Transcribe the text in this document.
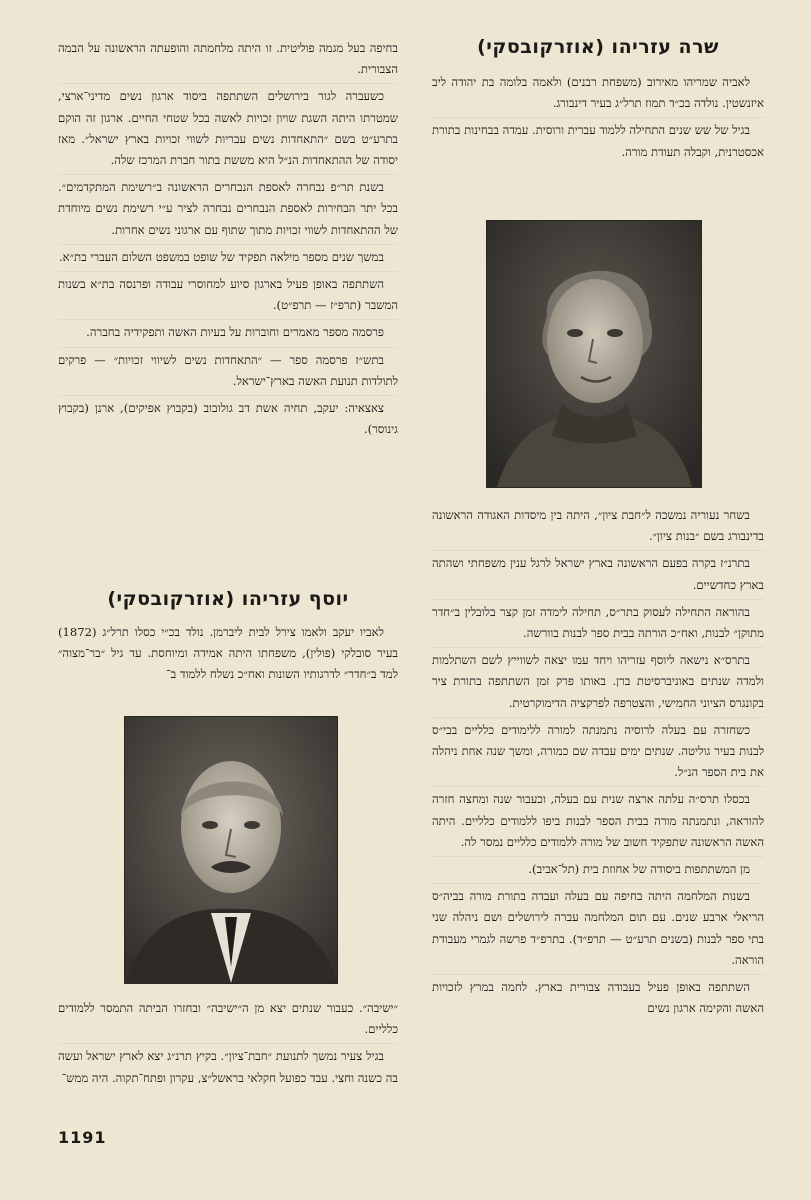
שרה עזריהו (אוזרקובסקי)

לאביה שמריהו מאירוב (משפחת רבנים) ולאמה בלומה בת יהודה ליב איזנשטין. נולדה בכ״ד תמוז תרל״ג בעיר דינבורג.

בגיל של שש שנים התחילה ללמוד עברית ורוסית. עמדה בבחינות בתורת אכסטרנית, וקבלה תעודת מורה.

בשחר נעוריה נמשכה ל״חבת ציון״, היתה בין מיסדות האגודה הראשונה בדינבורג בשם ״בנות ציון״.

בתרנ״ז בקרה בפעם הראשונה בארץ ישראל לרגל ענין משפחתי ושהתה בארץ כחדשיים.

בהוראה התחילה לעסוק בתר״ס, תחילה לימדה זמן קצר בלובלין ב״חדר מתוקן״ לבנות, ואח״כ הורתה בבית ספר לבנות בוורשה.

בתרס״א נישאה ליוסף עזריהו ויחד עמו יצאה לשווייץ לשם השתלמות ולמדה שנתים באוניברסיטת ברן. באותו פרק זמן השתתפה בתורת ציר בקונגרס הציוני החמישי, והצטרפה לפרקציה הדימוקרטית.

כשחזרה עם בעלה לרוסיה נתמנתה למורה ללימודים כלליים בבי״ס לבנות בעיר גוליטה. שנתים ימים עבדה שם כמורה, ומשך שנה אחת ניהלה את בית הספר הנ״ל.

בכסלו תרס״ה עלתה ארצה שנית עם בעלה, וכעבור שנה ומחצה חזרה להוראה, ונתמנתה מורה בבית הספר לבנות ביפו ללמודים כלליים. היתה האשה הראשונה שתפקיד חשוב של מורה ללמודים כלליים נמסר לה.

מן המשתתפות ביסודה של אחוזת בית (תל־אביב).

בשנות המלחמה היתה בחיפה עם בעלה ועבדה בתורת מורה בביה״ס הריאלי ארבע שנים. עם תום המלחמה עברה לירושלים ושם ניהלה שני בתי ספר לבנות (בשנים תרע״ט — תרפ״ד). בתרפ״ד פרשה לגמרי מעבודת הוראה.

השתתפה באופן פעיל בעבודה צבורית בארץ. לחמה במרץ לזכויות האשה והקימה ארגון נשים

בחיפה בעל מגמה פוליטית. זו היתה מלחמתה והופעתה הראשונה על הבמה הצבורית.

כשעברה לגור בירושלים השתתפה ביסוד ארגון נשים מדיני־ארצי, שמטרתו היתה השגת שויון זכויות לאשה בכל שטחי החיים. ארגון זה הוקם בתרע״ט בשם ״התאחדות נשים עבריות לשווי זכויות בארץ ישראל״. מאז יסודה של ההתאחדות הנ״ל היא מששת בתור חברת המרכז שלה.

בשנת תר״פ נבחרה לאספת הנבחרים הראשונה ב״רשימת המתקדמים״. בכל יתר הבחירות לאספת הנבחרים נבחרה לציר ע״י רשימת נשים מיוחדת של ההתאחדות לשווי זכויות מתוך שתוף עם ארגוני נשים אחרות.

במשך שנים מספר מילאה תפקיד של שופט במשפט השלום העברי בת״א.

השתתפה באופן פעיל בארגון סיוע למחוסרי עבודה ופרנסה בת״א בשנות המשבר (תרפ״ז — תרפ״ט).

פרסמה מספר מאמרים וחוברות על בעיות האשה ותפקידיה בחברה.

בתש״ז פרסמה ספר — ״התאחדות נשים לשיווי זכויות״ — פרקים לתולדות תנועת האשה בארץ־ישראל.

צאצאיה: יעקב, תחיה אשת דב גולובוב (בקבוץ אפיקים), ארנן (בקבוץ גינוסר).

יוסף עזריהו (אוזרקובסקי)

לאביו יעקב ולאמו צירל לבית ליברמן. נולד בכ״י כסלו תרל״ג (1872) בעיר סובלקי (פולין), משפחתו היתה אמידה ומיוחסת. עד גיל ״בר־מצוה״ למד ב״חדר״ לדרגותיו השונות ואח״כ נשלח ללמוד ב־

״ישיבה״. כעבור שנתים יצא מן ה״ישיבה״ ובחזרו הביתה התמסר ללמודים כלליים.

בגיל צעיר נמשך לתנועת ״חבת־ציון״. בקיץ תרנ״ג יצא לארץ ישראל ועשה בה כשנה וחצי. עבד כפועל חקלאי בראשל״צ, עקרון ופתח־תקוה. היה ממש־

1191
